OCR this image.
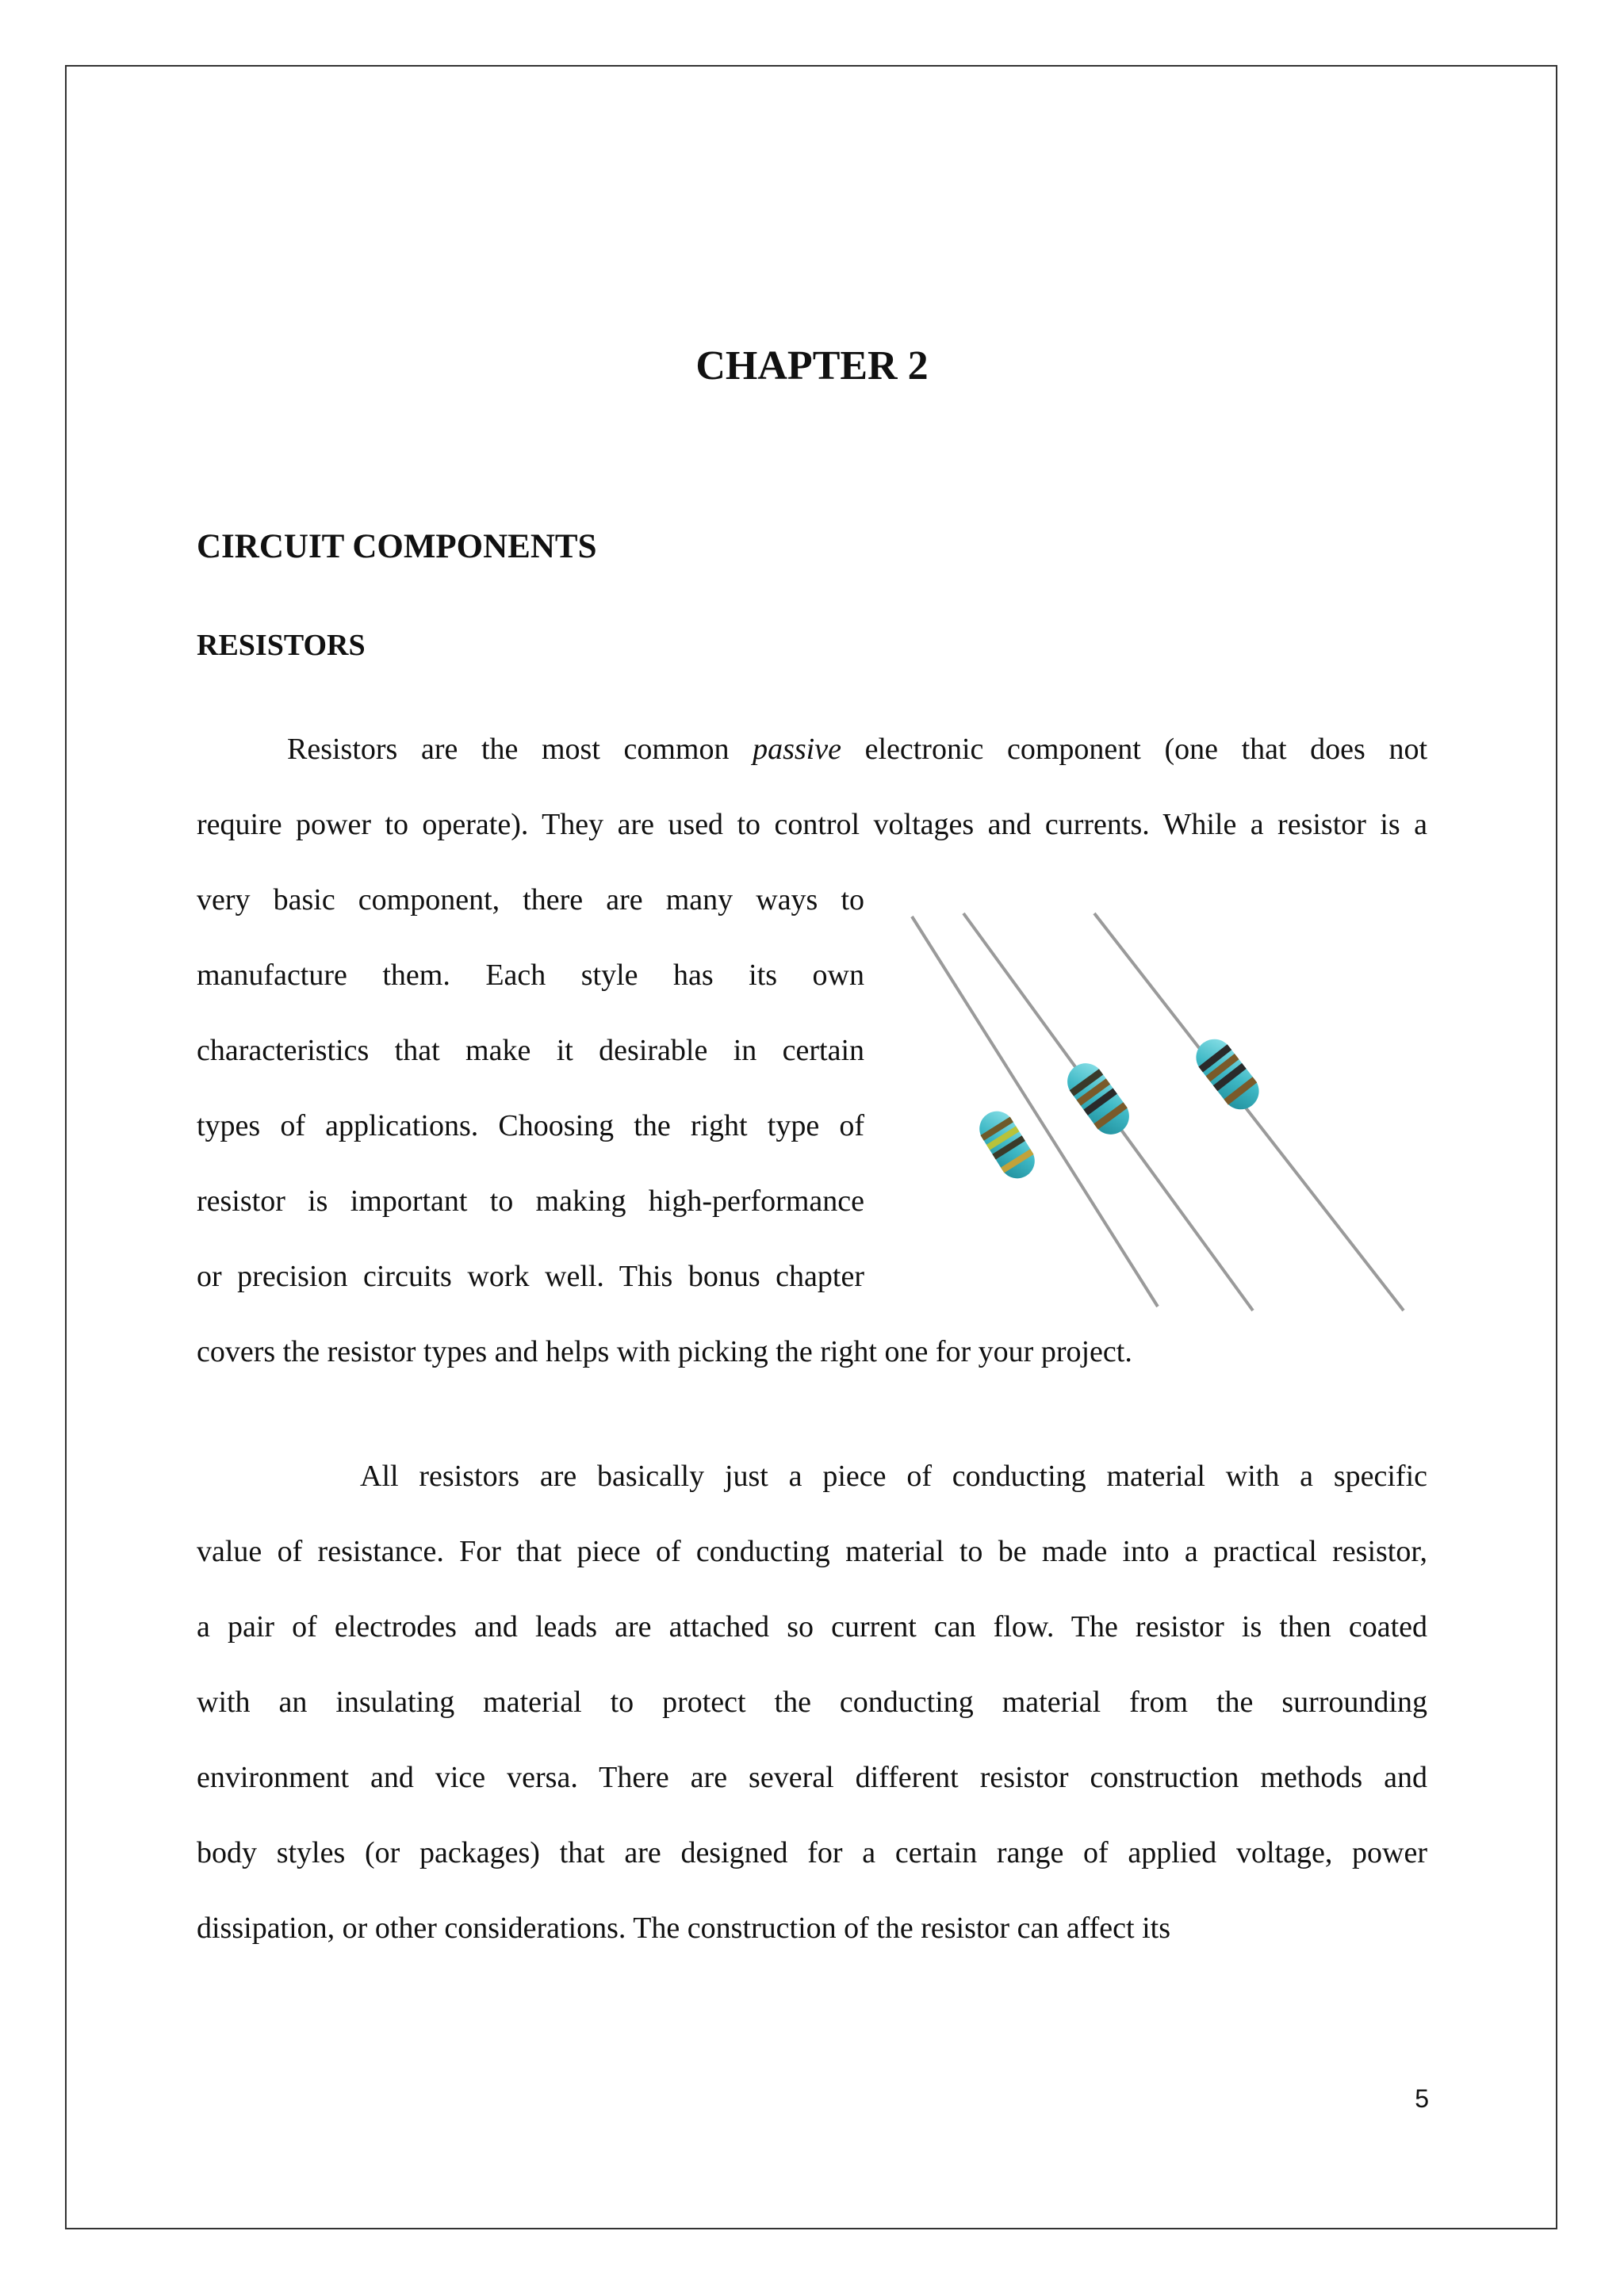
CHAPTER 2
CIRCUIT COMPONENTS
RESISTORS
Resistors are the most common passive electronic component (one that does not
require power to operate). They are used to control voltages and currents. While a resistor is a
very basic component, there are many ways to
manufacture them. Each style has its own
characteristics that make it desirable in certain
types of applications. Choosing the right type of
resistor is important to making high-performance
or precision circuits work well. This bonus chapter
covers the resistor types and helps with picking the right one for your project.
All resistors are basically just a piece of conducting material with a specific
value of resistance. For that piece of conducting material to be made into a practical resistor,
a pair of electrodes and leads are attached so current can flow. The resistor is then coated
with an insulating material to protect the conducting material from the surrounding
environment and vice versa. There are several different resistor construction methods and
body styles (or packages) that are designed for a certain range of applied voltage, power
dissipation, or other considerations. The construction of the resistor can affect its
5
